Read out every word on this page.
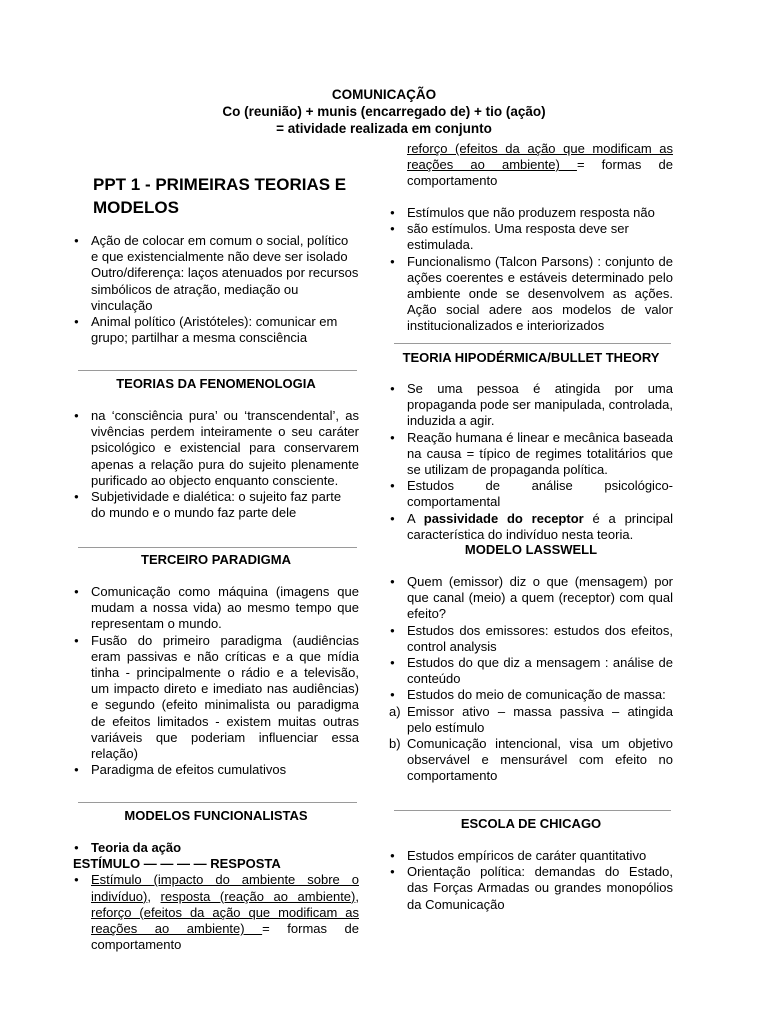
COMUNICAÇÃO
Co (reunião) + munis (encarregado de) + tio (ação)
= atividade realizada em conjunto
PPT 1 - PRIMEIRAS TEORIAS E MODELOS
● Ação de colocar em comum o social, político e que existencialmente não deve ser isolado Outro/diferença: laços atenuados por recursos simbólicos de atração, mediação ou vinculação
● Animal político (Aristóteles): comunicar em grupo; partilhar a mesma consciência
TEORIAS DA FENOMENOLOGIA
● na ‘consciência pura’ ou ‘transcendental’, as vivências perdem inteiramente o seu caráter psicológico e existencial para conservarem apenas a relação pura do sujeito plenamente purificado ao objecto enquanto consciente.
● Subjetividade e dialética: o sujeito faz parte do mundo e o mundo faz parte dele
TERCEIRO PARADIGMA
● Comunicação como máquina (imagens que mudam a nossa vida) ao mesmo tempo que representam o mundo.
● Fusão do primeiro paradigma (audiências eram passivas e não críticas e a que mídia tinha - principalmente o rádio e a televisão, um impacto direto e imediato nas audiências) e segundo (efeito minimalista ou paradigma de efeitos limitados - existem muitas outras variáveis que poderiam influenciar essa relação)
● Paradigma de efeitos cumulativos
MODELOS FUNCIONALISTAS
● Teoria da ação

ESTÍMULO — — — — RESPOSTA

● Estímulo (impacto do ambiente sobre o indivíduo), resposta (reação ao ambiente), reforço (efeitos da ação que modificam as reações ao ambiente) = formas de comportamento
reforço (efeitos da ação que modificam as reações ao ambiente) = formas de comportamento
● Estímulos que não produzem resposta não
● são estímulos. Uma resposta deve ser estimulada.
● Funcionalismo (Talcon Parsons) : conjunto de ações coerentes e estáveis determinado pelo ambiente onde se desenvolvem as ações. Ação social adere aos modelos de valor institucionalizados e interiorizados
TEORIA HIPODÉRMICA/BULLET THEORY
● Se uma pessoa é atingida por uma propaganda pode ser manipulada, controlada, induzida a agir.
● Reação humana é linear e mecânica baseada na causa = típico de regimes totalitários que se utilizam de propaganda política.
● Estudos de análise psicológico-comportamental
● A passividade do receptor é a principal característica do indivíduo nesta teoria.
MODELO LASSWELL
● Quem (emissor) diz o que (mensagem) por que canal (meio) a quem (receptor) com qual efeito?
● Estudos dos emissores: estudos dos efeitos, control analysis
● Estudos do que diz a mensagem : análise de conteúdo
● Estudos do meio de comunicação de massa:
a) Emissor ativo – massa passiva – atingida pelo estímulo
b) Comunicação intencional, visa um objetivo observável e mensurável com efeito no comportamento
ESCOLA DE CHICAGO
● Estudos empíricos de caráter quantitativo
● Orientação política: demandas do Estado, das Forças Armadas ou grandes monopólios da Comunicação
